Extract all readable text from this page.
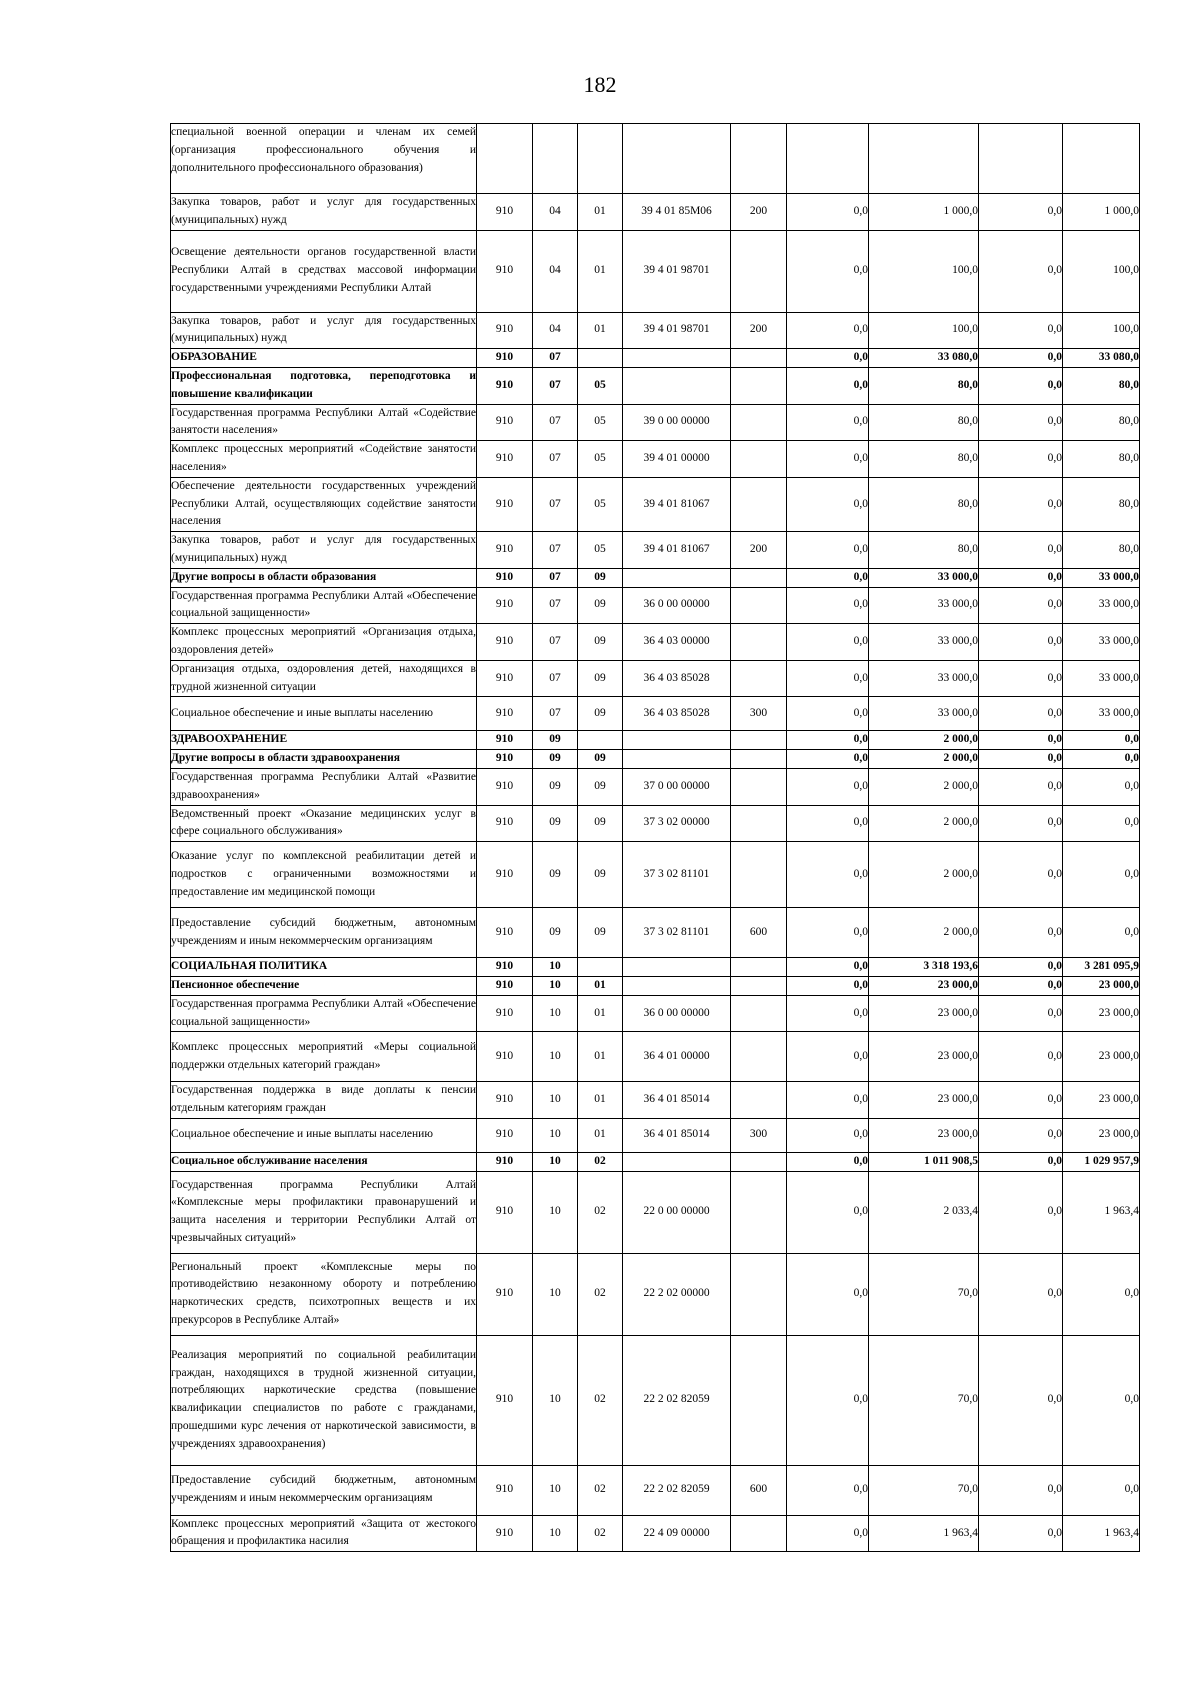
182
специальной военной операции и членам их семей (организация профессионального обучения и дополнительного профессионального образования)									

Закупка товаров, работ и услуг для государственных (муниципальных) нужд	910	04	01	39 4 01 85М06	200	0,0	1 000,0	0,0	1 000,0

Освещение деятельности органов государственной власти Республики Алтай в средствах массовой информации государственными учреждениями Республики Алтай	910	04	01	39 4 01 98701		0,0	100,0	0,0	100,0

Закупка товаров, работ и услуг для государственных (муниципальных) нужд	910	04	01	39 4 01 98701	200	0,0	100,0	0,0	100,0

ОБРАЗОВАНИЕ	910	07				0,0	33 080,0	0,0	33 080,0

Профессиональная подготовка, переподготовка и повышение квалификации	910	07	05			0,0	80,0	0,0	80,0

Государственная программа Республики Алтай «Содействие занятости населения»	910	07	05	39 0 00 00000		0,0	80,0	0,0	80,0

Комплекс процессных мероприятий «Содействие занятости населения»	910	07	05	39 4 01 00000		0,0	80,0	0,0	80,0

Обеспечение деятельности государственных учреждений Республики Алтай, осуществляющих содействие занятости населения	910	07	05	39 4 01 81067		0,0	80,0	0,0	80,0

Закупка товаров, работ и услуг для государственных (муниципальных) нужд	910	07	05	39 4 01 81067	200	0,0	80,0	0,0	80,0

Другие вопросы в области образования	910	07	09			0,0	33 000,0	0,0	33 000,0

Государственная программа Республики Алтай «Обеспечение социальной защищенности»	910	07	09	36 0 00 00000		0,0	33 000,0	0,0	33 000,0

Комплекс процессных мероприятий «Организация отдыха, оздоровления детей»	910	07	09	36 4 03 00000		0,0	33 000,0	0,0	33 000,0

Организация отдыха, оздоровления детей, находящихся в трудной жизненной ситуации	910	07	09	36 4 03 85028		0,0	33 000,0	0,0	33 000,0

Социальное обеспечение и иные выплаты населению	910	07	09	36 4 03 85028	300	0,0	33 000,0	0,0	33 000,0

ЗДРАВООХРАНЕНИЕ	910	09				0,0	2 000,0	0,0	0,0

Другие вопросы в области здравоохранения	910	09	09			0,0	2 000,0	0,0	0,0

Государственная программа Республики Алтай «Развитие здравоохранения»	910	09	09	37 0 00 00000		0,0	2 000,0	0,0	0,0

Ведомственный проект «Оказание медицинских услуг в сфере социального обслуживания»	910	09	09	37 3 02 00000		0,0	2 000,0	0,0	0,0

Оказание услуг по комплексной реабилитации детей и подростков с ограниченными возможностями и предоставление им медицинской помощи	910	09	09	37 3 02 81101		0,0	2 000,0	0,0	0,0

Предоставление субсидий бюджетным, автономным учреждениям и иным некоммерческим организациям	910	09	09	37 3 02 81101	600	0,0	2 000,0	0,0	0,0

СОЦИАЛЬНАЯ ПОЛИТИКА	910	10				0,0	3 318 193,6	0,0	3 281 095,9

Пенсионное обеспечение	910	10	01			0,0	23 000,0	0,0	23 000,0

Государственная программа Республики Алтай «Обеспечение социальной защищенности»	910	10	01	36 0 00 00000		0,0	23 000,0	0,0	23 000,0

Комплекс процессных мероприятий «Меры социальной поддержки отдельных категорий граждан»	910	10	01	36 4 01 00000		0,0	23 000,0	0,0	23 000,0

Государственная поддержка в виде доплаты к пенсии отдельным категориям граждан	910	10	01	36 4 01 85014		0,0	23 000,0	0,0	23 000,0

Социальное обеспечение и иные выплаты населению	910	10	01	36 4 01 85014	300	0,0	23 000,0	0,0	23 000,0

Социальное обслуживание населения	910	10	02			0,0	1 011 908,5	0,0	1 029 957,9

Государственная программа Республики Алтай «Комплексные меры профилактики правонарушений и защита населения и территории Республики Алтай от чрезвычайных ситуаций»	910	10	02	22 0 00 00000		0,0	2 033,4	0,0	1 963,4

Региональный проект «Комплексные меры по противодействию незаконному обороту и потреблению наркотических средств, психотропных веществ и их прекурсоров в Республике Алтай»	910	10	02	22 2 02 00000		0,0	70,0	0,0	0,0

Реализация мероприятий по социальной реабилитации граждан, находящихся в трудной жизненной ситуации, потребляющих наркотические средства (повышение квалификации специалистов по работе с гражданами, прошедшими курс лечения от наркотической зависимости, в учреждениях здравоохранения)	910	10	02	22 2 02 82059		0,0	70,0	0,0	0,0

Предоставление субсидий бюджетным, автономным учреждениям и иным некоммерческим организациям	910	10	02	22 2 02 82059	600	0,0	70,0	0,0	0,0

Комплекс процессных мероприятий «Защита от жестокого обращения и профилактика насилия	910	10	02	22 4 09 00000		0,0	1 963,4	0,0	1 963,4
